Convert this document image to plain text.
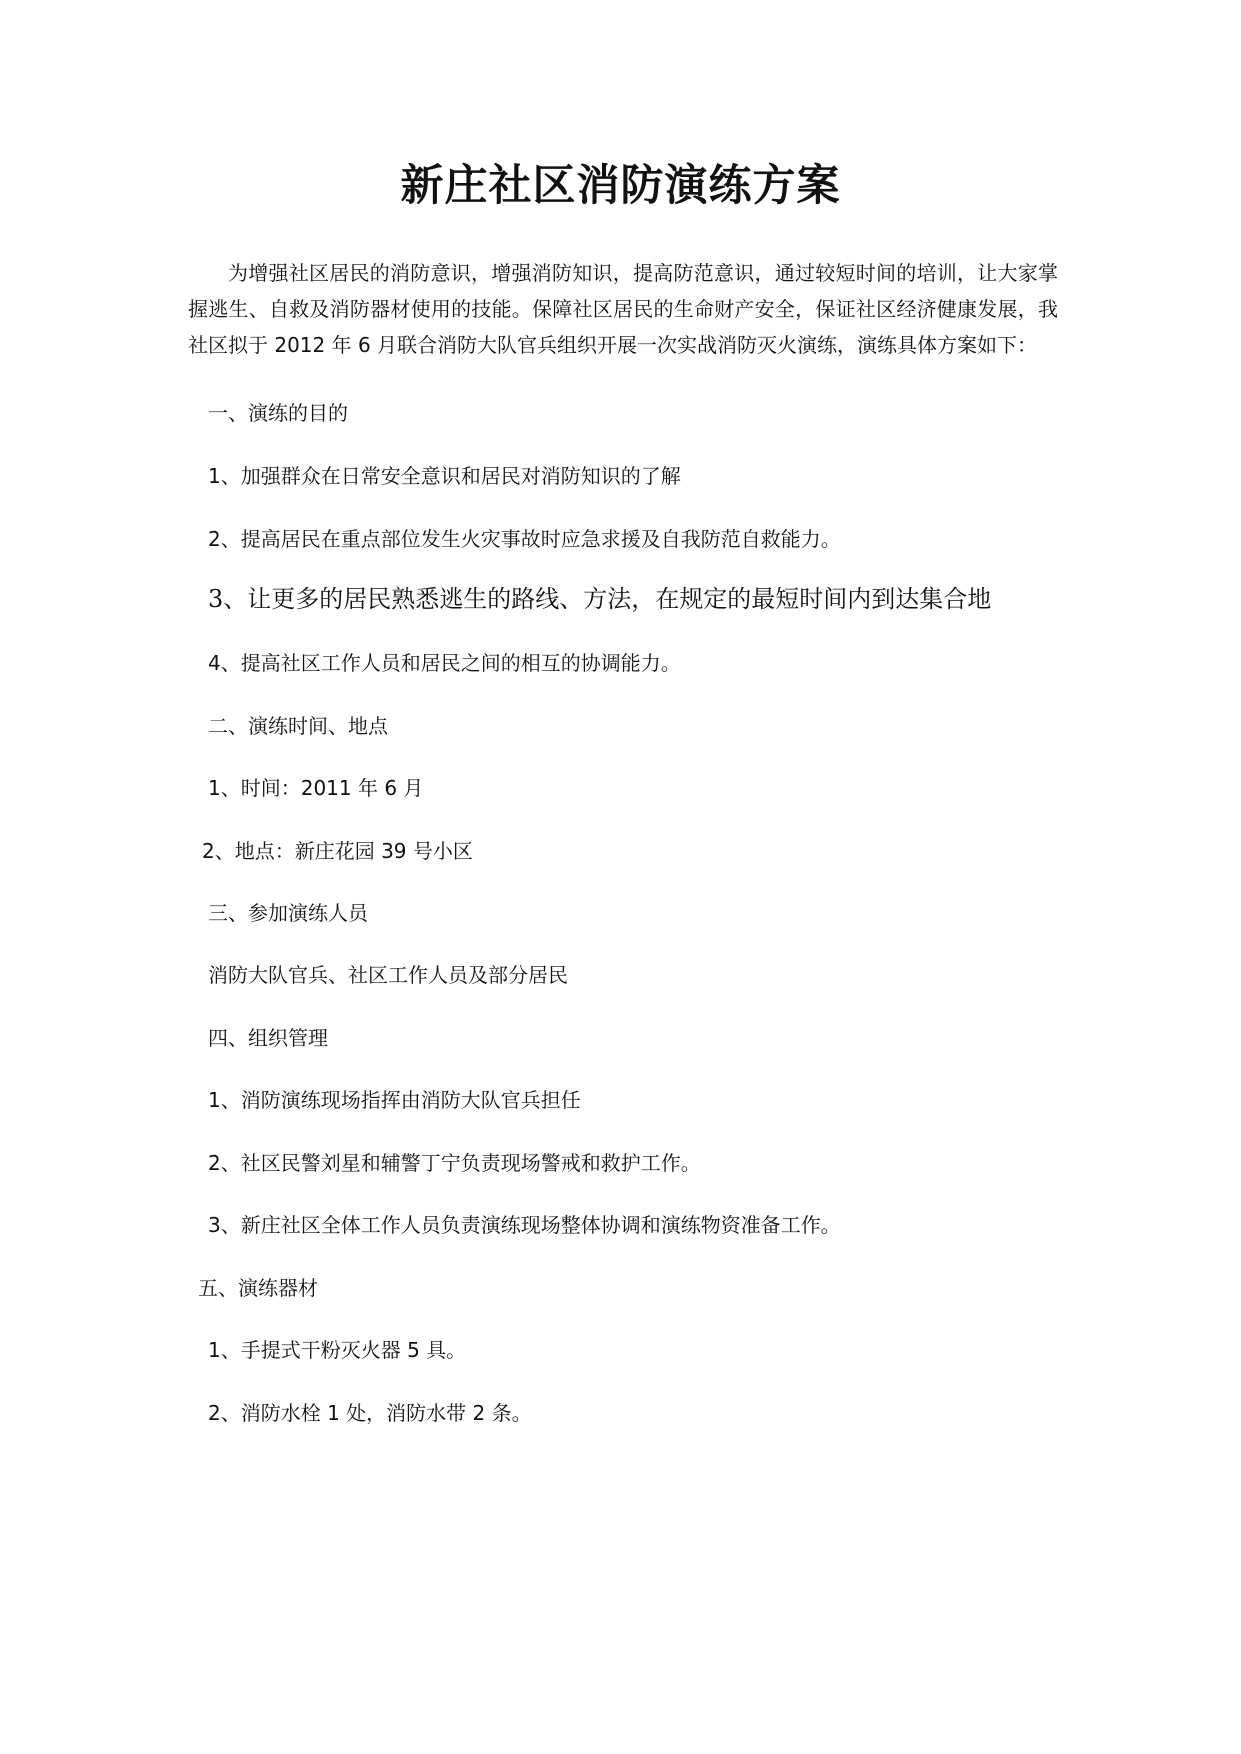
新庄社区消防演练方案
为增强社区居民的消防意识，增强消防知识，提高防范意识，通过较短时间的培训，让大家掌握逃生、自救及消防器材使用的技能。保障社区居民的生命财产安全，保证社区经济健康发展，我社区拟于 2012 年 6 月联合消防大队官兵组织开展一次实战消防灭火演练，演练具体方案如下：
一、演练的目的
1、加强群众在日常安全意识和居民对消防知识的了解
2、提高居民在重点部位发生火灾事故时应急求援及自我防范自救能力。
3、让更多的居民熟悉逃生的路线、方法，在规定的最短时间内到达集合地
4、提高社区工作人员和居民之间的相互的协调能力。
二、演练时间、地点
1、时间：2011 年 6 月
2、地点：新庄花园 39 号小区
三、参加演练人员
消防大队官兵、社区工作人员及部分居民
四、组织管理
1、消防演练现场指挥由消防大队官兵担任
2、社区民警刘星和辅警丁宁负责现场警戒和救护工作。
3、新庄社区全体工作人员负责演练现场整体协调和演练物资准备工作。
五、演练器材
1、手提式干粉灭火器 5 具。
2、消防水栓 1 处，消防水带 2 条。
